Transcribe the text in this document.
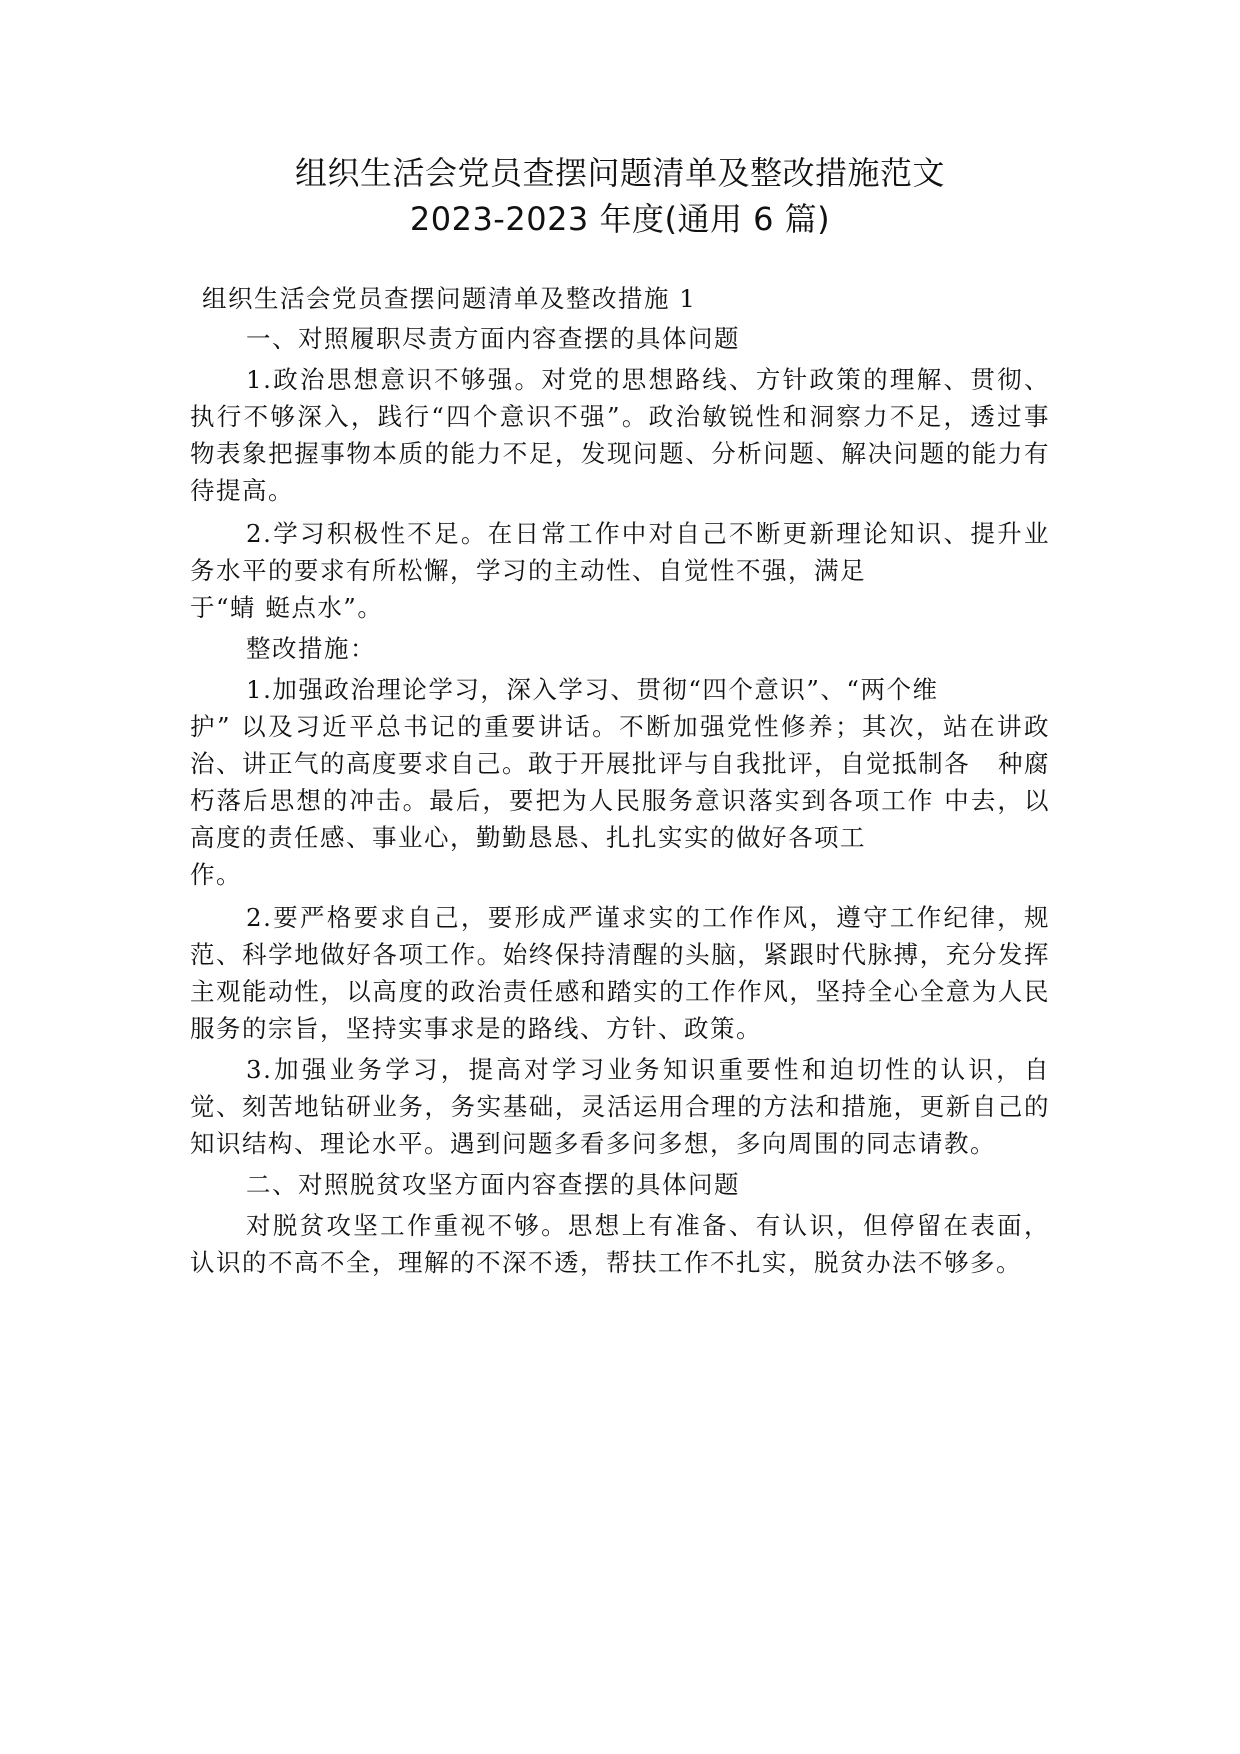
组织生活会党员查摆问题清单及整改措施范文
2023-2023 年度(通用 6 篇)

组织生活会党员查摆问题清单及整改措施 1

一、对照履职尽责方面内容查摆的具体问题

1.政治思想意识不够强。对党的思想路线、方针政策的理解、贯彻、执行不够深入，践行“四个意识不强”。政治敏锐性和洞察力不足，透过事物表象把握事物本质的能力不足，发现问题、分析问题、解决问题的能力有待提高。

2.学习积极性不足。在日常工作中对自己不断更新理论知识、提升业务水平的要求有所松懈，学习的主动性、自觉性不强，满足
于“蜻 蜓点水”。

整改措施：

1.加强政治理论学习，深入学习、贯彻“四个意识”、“两个维
护” 以及习近平总书记的重要讲话。不断加强党性修养；其次，站在讲政   治、讲正气的高度要求自己。敢于开展批评与自我批评，自觉抵制各   种腐朽落后思想的冲击。最后，要把为人民服务意识落实到各项工作 中去，以高度的责任感、事业心，勤勤恳恳、扎扎实实的做好各项工
作。

2.要严格要求自己，要形成严谨求实的工作作风，遵守工作纪律，规范、科学地做好各项工作。始终保持清醒的头脑，紧跟时代脉搏，充分发挥主观能动性，以高度的政治责任感和踏实的工作作风，坚持全心全意为人民服务的宗旨，坚持实事求是的路线、方针、政策。

3.加强业务学习，提高对学习业务知识重要性和迫切性的认识，自觉、刻苦地钻研业务，务实基础，灵活运用合理的方法和措施，更新自己的知识结构、理论水平。遇到问题多看多问多想，多向周围的同志请教。

二、对照脱贫攻坚方面内容查摆的具体问题

对脱贫攻坚工作重视不够。思想上有准备、有认识，但停留在表面，认识的不高不全，理解的不深不透，帮扶工作不扎实，脱贫办法不够多。
